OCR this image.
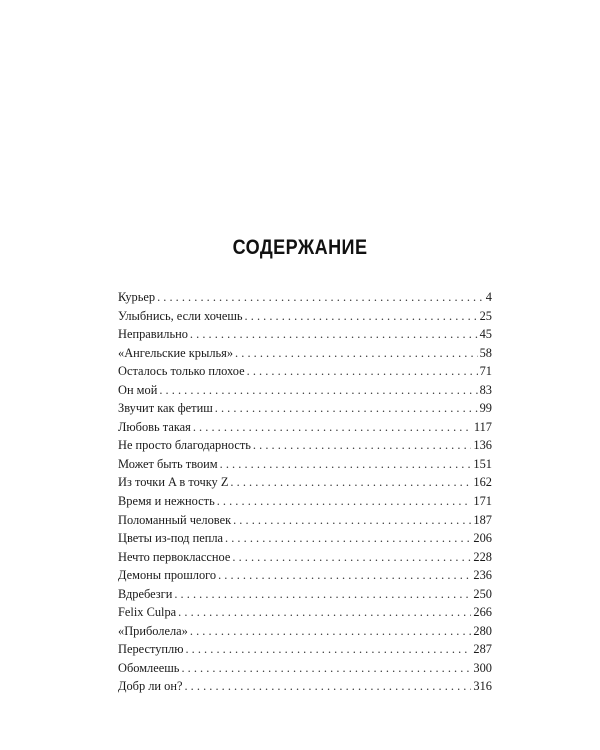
СОДЕРЖАНИЕ
Курьер . . .	4
Улыбнись, если хочешь . . .	25
Неправильно . . .	45
«Ангельские крылья» . . .	58
Осталось только плохое . . .	71
Он мой . . .	83
Звучит как фетиш . . .	99
Любовь такая . . .	117
Не просто благодарность . . .	136
Может быть твоим . . .	151
Из точки A в точку Z . . .	162
Время и нежность . . .	171
Поломанный человек . . .	187
Цветы из-под пепла . . .	206
Нечто первоклассное . . .	228
Демоны прошлого . . .	236
Вдребезги . . .	250
Felix Culpa . . .	266
«Приболела» . . .	280
Переступлю . . .	287
Обомлеешь . . .	300
Добр ли он? . . .	316
